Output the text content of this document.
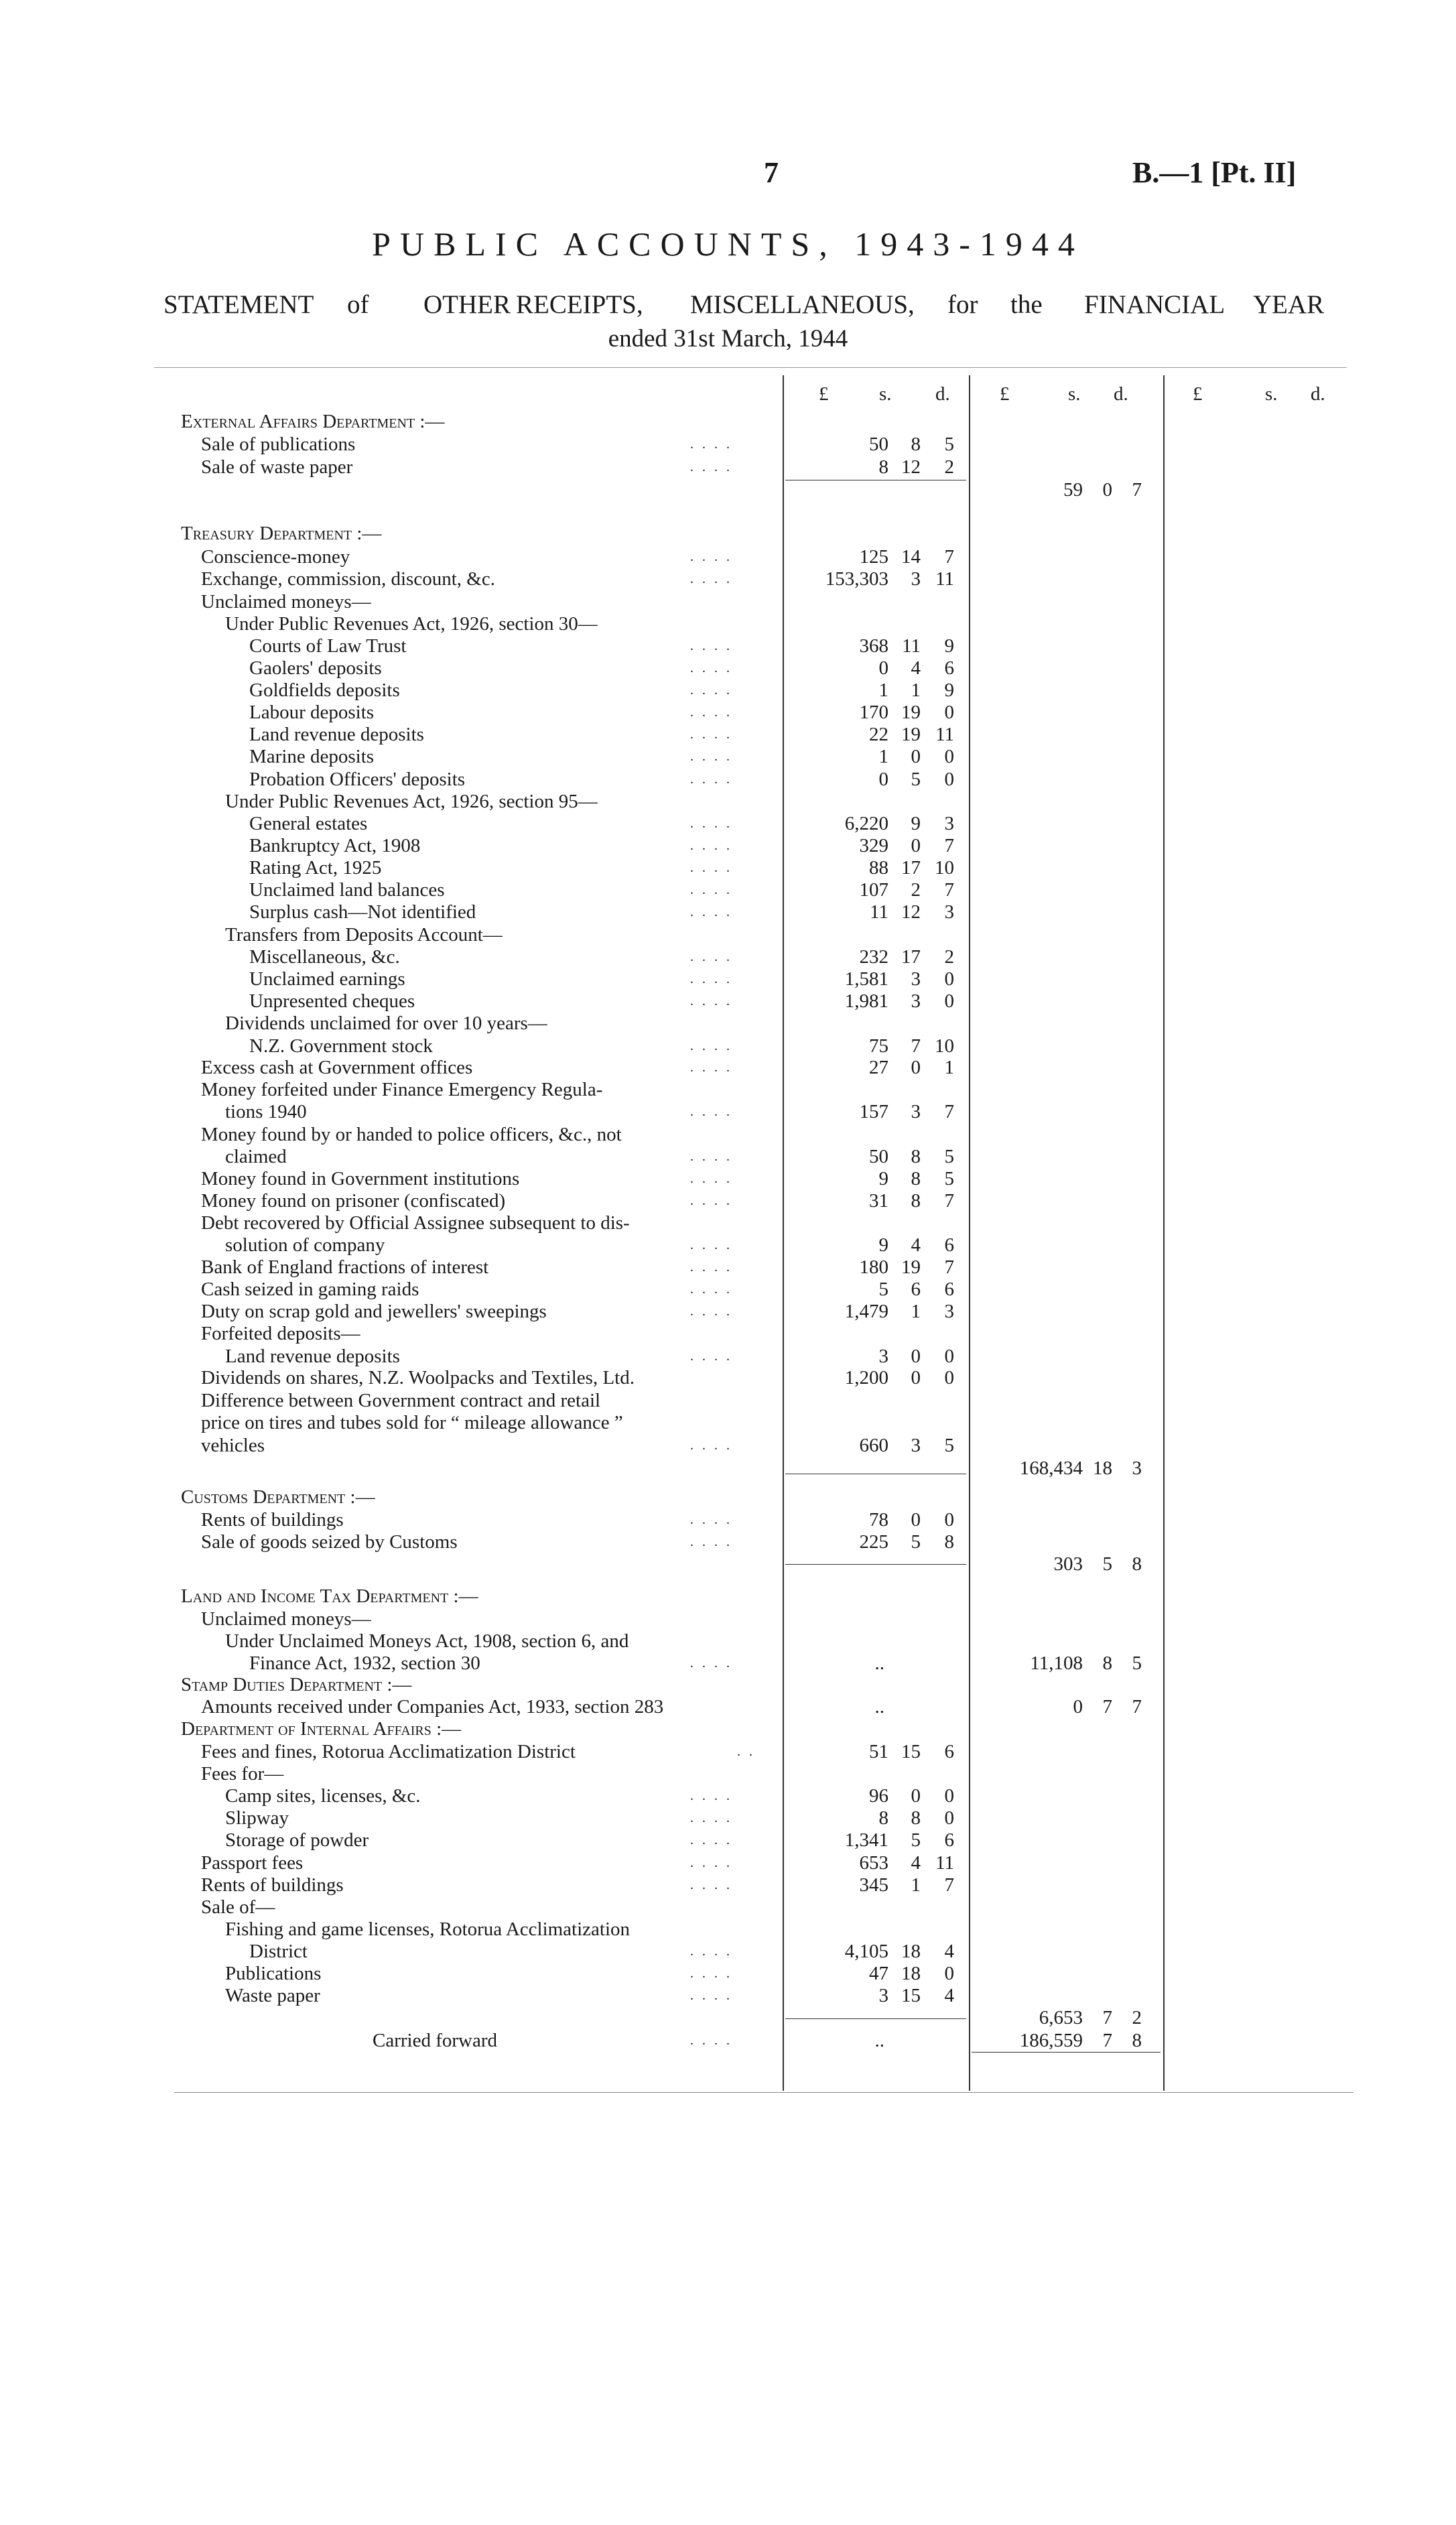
7	B.—1 [Pt. II]
PUBLIC ACCOUNTS, 1943-1944
STATEMENT of OTHER RECEIPTS, MISCELLANEOUS, for the FINANCIAL YEAR
ended 31st March, 1944
£	s. d.	£	s. d.	£	s. d.
External Affairs Department :—
Sale of publications	. . . .	50 8 5
Sale of waste paper	. . . .	8 12 2
59 0 7
Treasury Department :—
Conscience-money	. . . .	125 14 7
Exchange, commission, discount, &c.	. . . .	153,303 3 11
Unclaimed moneys—
Under Public Revenues Act, 1926, section 30—
Courts of Law Trust	. . . .	368 11 9
Gaolers' deposits	. . . .	0 4 6
Goldfields deposits	. . . .	1 1 9
Labour deposits	. . . .	170 19 0
Land revenue deposits	. . . .	22 19 11
Marine deposits	. . . .	1 0 0
Probation Officers' deposits	. . . .	0 5 0
Under Public Revenues Act, 1926, section 95—
General estates	. . . .	6,220 9 3
Bankruptcy Act, 1908	. . . .	329 0 7
Rating Act, 1925	. . . .	88 17 10
Unclaimed land balances	. . . .	107 2 7
Surplus cash—Not identified	. . . .	11 12 3
Transfers from Deposits Account—
Miscellaneous, &c.	. . . .	232 17 2
Unclaimed earnings	. . . .	1,581 3 0
Unpresented cheques	. . . .	1,981 3 0
Dividends unclaimed for over 10 years—
N.Z. Government stock	. . . .	75 7 10
Excess cash at Government offices	. . . .	27 0 1
Money forfeited under Finance Emergency Regula-
tions 1940	. . . .	157 3 7
Money found by or handed to police officers, &c., not
claimed	. . . .	50 8 5
Money found in Government institutions	. . . .	9 8 5
Money found on prisoner (confiscated)	. . . .	31 8 7
Debt recovered by Official Assignee subsequent to dis-
solution of company	. . . .	9 4 6
Bank of England fractions of interest	. . . .	180 19 7
Cash seized in gaming raids	. . . .	5 6 6
Duty on scrap gold and jewellers' sweepings	. . . .	1,479 1 3
Forfeited deposits—
Land revenue deposits	. . . .	3 0 0
Dividends on shares, N.Z. Woolpacks and Textiles, Ltd.	1,200 0 0
Difference between Government contract and retail
price on tires and tubes sold for “ mileage allowance ”
vehicles	. . . .	660 3 5
168,434 18 3
Customs Department :—
Rents of buildings	. . . .	78 0 0
Sale of goods seized by Customs	. . . .	225 5 8
303 5 8
Land and Income Tax Department :—
Unclaimed moneys—
Under Unclaimed Moneys Act, 1908, section 6, and
Finance Act, 1932, section 30	. . . .	..	11,108 8 5
Stamp Duties Department :—
Amounts received under Companies Act, 1933, section 283	..	0 7 7
Department of Internal Affairs :—
Fees and fines, Rotorua Acclimatization District	. .	51 15 6
Fees for—
Camp sites, licenses, &c.	. . . .	96 0 0
Slipway	. . . .	8 8 0
Storage of powder	. . . .	1,341 5 6
Passport fees	. . . .	653 4 11
Rents of buildings	. . . .	345 1 7
Sale of—
Fishing and game licenses, Rotorua Acclimatization
District	. . . .	4,105 18 4
Publications	. . . .	47 18 0
Waste paper	. . . .	3 15 4
6,653 7 2
Carried forward	. . . .	..	186,559 7 8
